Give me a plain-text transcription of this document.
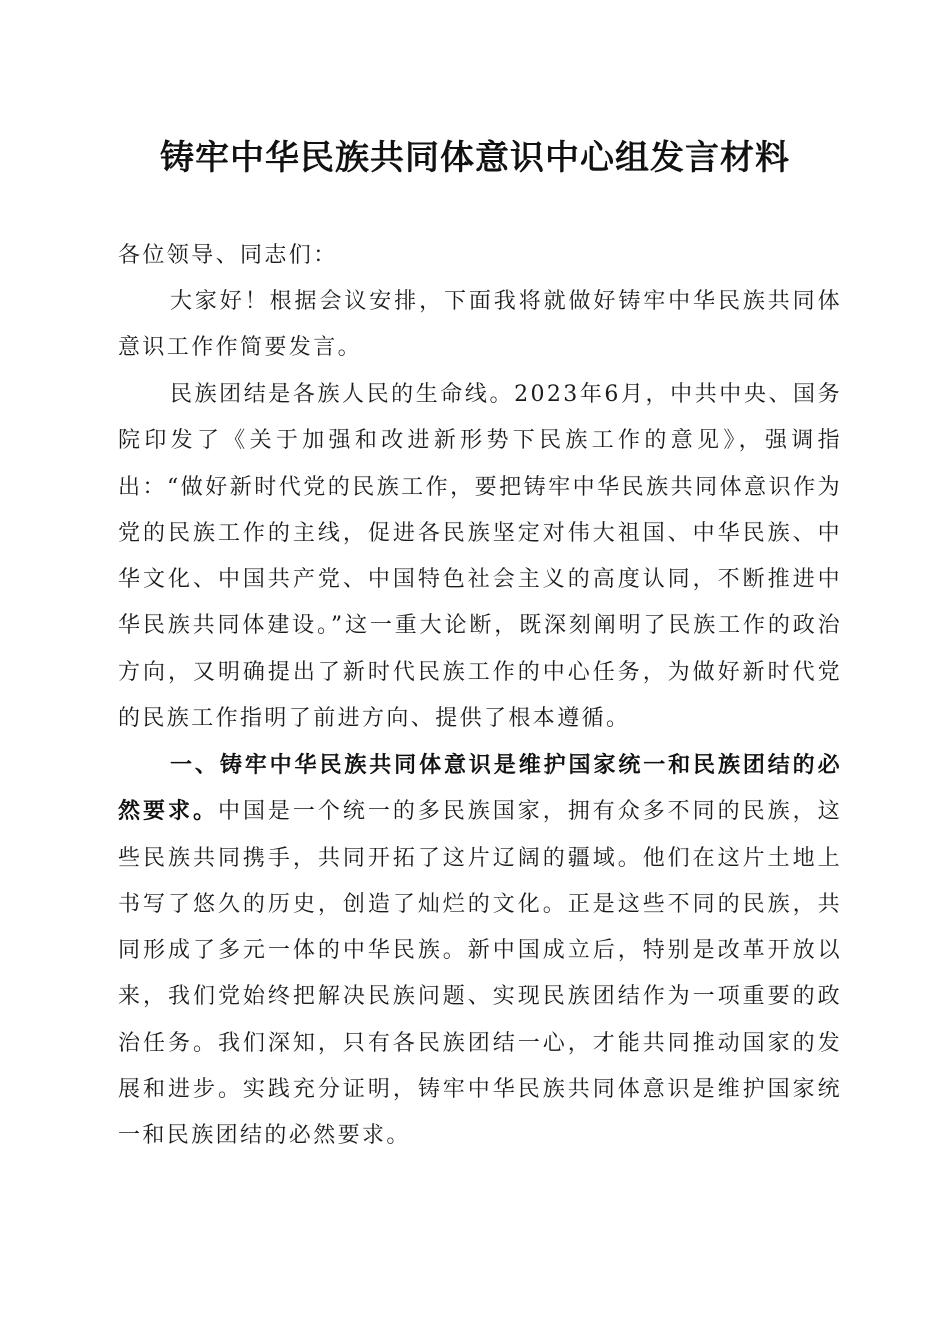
铸牢中华民族共同体意识中心组发言材料
各位领导、同志们：

大家好！根据会议安排，下面我将就做好铸牢中华民族共同体意识工作作简要发言。

民族团结是各族人民的生命线。2023年6月，中共中央、国务院印发了《关于加强和改进新形势下民族工作的意见》，强调指出：“做好新时代党的民族工作，要把铸牢中华民族共同体意识作为党的民族工作的主线，促进各民族坚定对伟大祖国、中华民族、中华文化、中国共产党、中国特色社会主义的高度认同，不断推进中华民族共同体建设。”这一重大论断，既深刻阐明了民族工作的政治方向，又明确提出了新时代民族工作的中心任务，为做好新时代党的民族工作指明了前进方向、提供了根本遵循。

一、铸牢中华民族共同体意识是维护国家统一和民族团结的必然要求。中国是一个统一的多民族国家，拥有众多不同的民族，这些民族共同携手，共同开拓了这片辽阔的疆域。他们在这片土地上书写了悠久的历史，创造了灿烂的文化。正是这些不同的民族，共同形成了多元一体的中华民族。新中国成立后，特别是改革开放以来，我们党始终把解决民族问题、实现民族团结作为一项重要的政治任务。我们深知，只有各民族团结一心，才能共同推动国家的发展和进步。实践充分证明，铸牢中华民族共同体意识是维护国家统一和民族团结的必然要求。
